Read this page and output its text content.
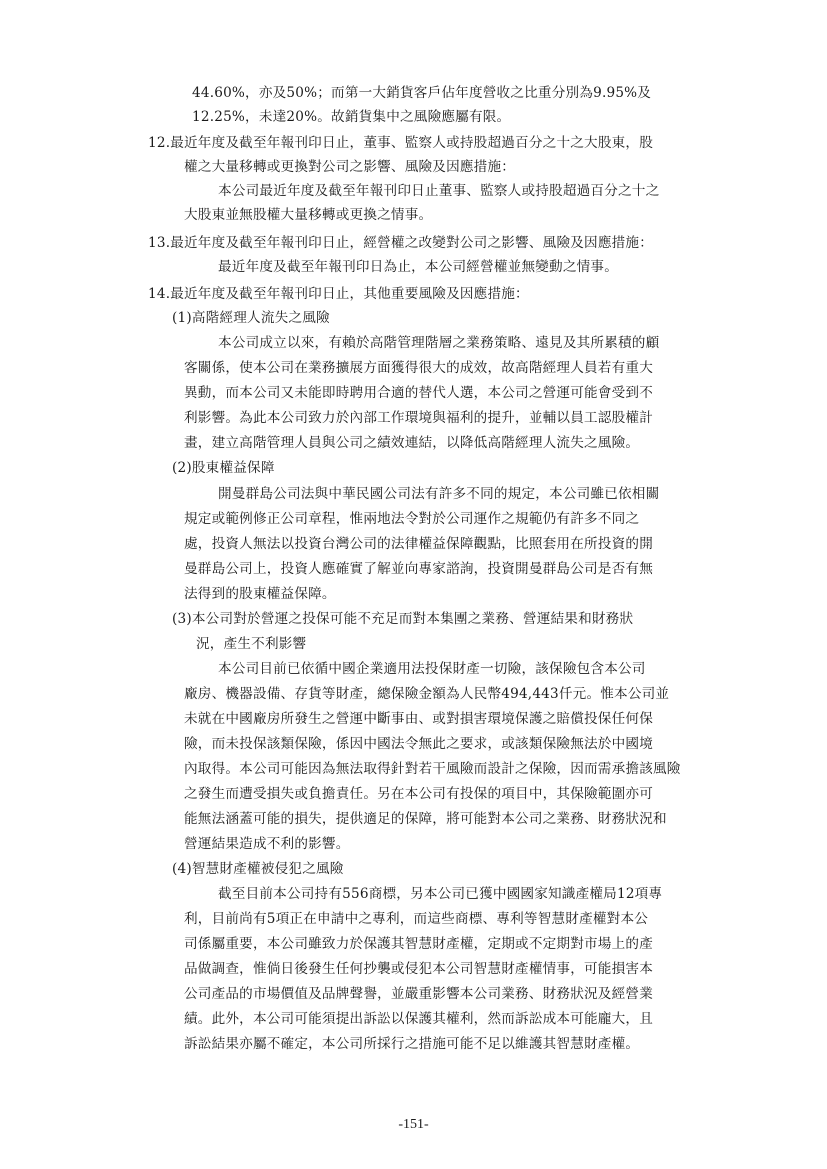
44.60%，亦及50%；而第一大銷貨客戶佔年度營收之比重分別為9.95%及
12.25%，未達20%。故銷貨集中之風險應屬有限。
12.最近年度及截至年報刊印日止，董事、監察人或持股超過百分之十之大股東，股
權之大量移轉或更換對公司之影響、風險及因應措施：
本公司最近年度及截至年報刊印日止董事、監察人或持股超過百分之十之
大股東並無股權大量移轉或更換之情事。
13.最近年度及截至年報刊印日止，經營權之改變對公司之影響、風險及因應措施：
最近年度及截至年報刊印日為止，本公司經營權並無變動之情事。
14.最近年度及截至年報刊印日止，其他重要風險及因應措施：
(1)高階經理人流失之風險
本公司成立以來，有賴於高階管理階層之業務策略、遠見及其所累積的顧
客關係，使本公司在業務擴展方面獲得很大的成效，故高階經理人員若有重大
異動，而本公司又未能即時聘用合適的替代人選，本公司之營運可能會受到不
利影響。為此本公司致力於內部工作環境與福利的提升，並輔以員工認股權計
畫，建立高階管理人員與公司之績效連結，以降低高階經理人流失之風險。
(2)股東權益保障
開曼群島公司法與中華民國公司法有許多不同的規定，本公司雖已依相關
規定或範例修正公司章程，惟兩地法令對於公司運作之規範仍有許多不同之
處，投資人無法以投資台灣公司的法律權益保障觀點，比照套用在所投資的開
曼群島公司上，投資人應確實了解並向專家諮詢，投資開曼群島公司是否有無
法得到的股東權益保障。
(3)本公司對於營運之投保可能不充足而對本集團之業務、營運結果和財務狀
況，產生不利影響
本公司目前已依循中國企業適用法投保財產一切險，該保險包含本公司
廠房、機器設備、存貨等財產，總保險金額為人民幣494,443仟元。惟本公司並
未就在中國廠房所發生之營運中斷事由、或對損害環境保護之賠償投保任何保
險，而未投保該類保險，係因中國法令無此之要求，或該類保險無法於中國境
內取得。本公司可能因為無法取得針對若干風險而設計之保險，因而需承擔該風險
之發生而遭受損失或負擔責任。另在本公司有投保的項目中，其保險範圍亦可
能無法涵蓋可能的損失，提供適足的保障，將可能對本公司之業務、財務狀況和
營運結果造成不利的影響。
(4)智慧財產權被侵犯之風險
截至目前本公司持有556商標，另本公司已獲中國國家知識產權局12項專
利，目前尚有5項正在申請中之專利，而這些商標、專利等智慧財產權對本公
司係屬重要，本公司雖致力於保護其智慧財產權，定期或不定期對市場上的產
品做調查，惟倘日後發生任何抄襲或侵犯本公司智慧財產權情事，可能損害本
公司產品的市場價值及品牌聲譽，並嚴重影響本公司業務、財務狀況及經營業
績。此外，本公司可能須提出訴訟以保護其權利，然而訴訟成本可能龐大，且
訴訟結果亦屬不確定，本公司所採行之措施可能不足以維護其智慧財產權。
-151-
